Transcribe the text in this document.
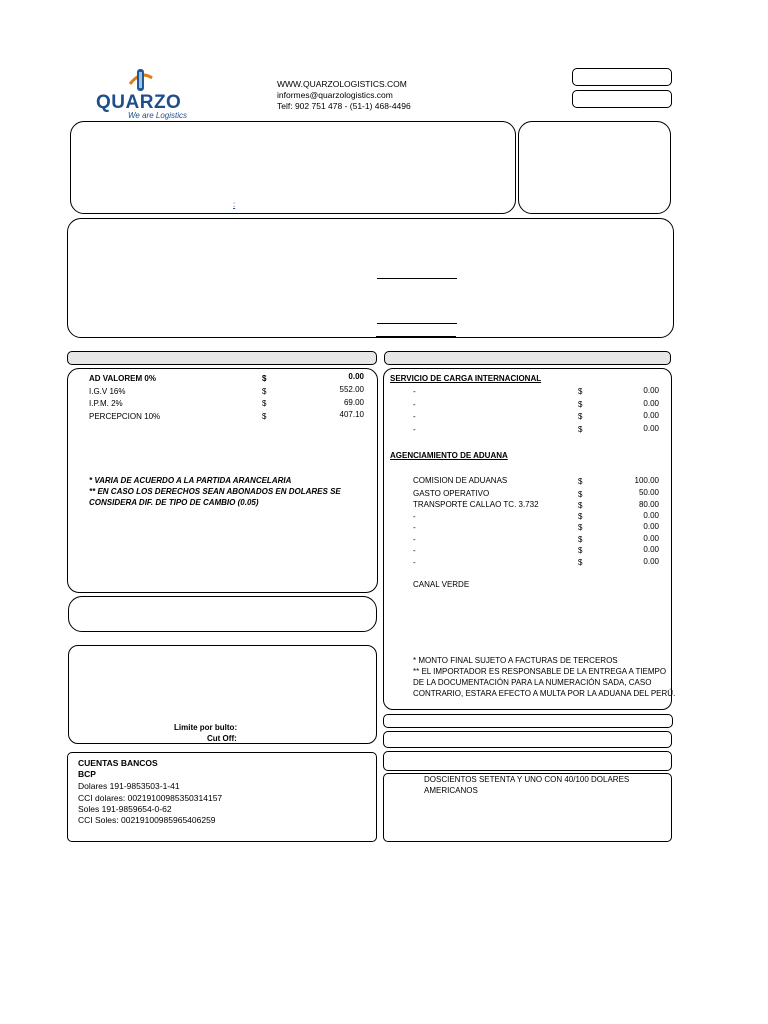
QUARZO
We are Logistics
WWW.QUARZOLOGISTICS.COM
informes@quarzologistics.com
Telf: 902 751 478 - (51-1) 468-4496
:
AD VALOREM 0%	$	0.00
I.G.V 16%	$	552.00
I.P.M. 2%	$	69.00
PERCEPCION 10%	$	407.10
* VARIA DE ACUERDO A LA PARTIDA ARANCELARIA
** EN CASO LOS DERECHOS SEAN ABONADOS EN DOLARES SE
CONSIDERA DIF. DE TIPO DE CAMBIO (0.05)
Limite por bulto:
Cut Off:
CUENTAS BANCOS
BCP
Dolares 191-9853503-1-41
CCI dolares: 00219100985350314157
Soles 191-9859654-0-62
CCI Soles: 00219100985965406259
SERVICIO DE CARGA INTERNACIONAL
-	$	0.00
-	$	0.00
-	$	0.00
-	$	0.00
AGENCIAMIENTO DE ADUANA
COMISION DE ADUANAS	$	100.00
GASTO OPERATIVO	$	50.00
TRANSPORTE CALLAO TC. 3.732	$	80.00
-	$	0.00
-	$	0.00
-	$	0.00
-	$	0.00
-	$	0.00
CANAL VERDE
* MONTO FINAL SUJETO A FACTURAS DE TERCEROS
** EL IMPORTADOR ES RESPONSABLE DE LA ENTREGA A TIEMPO
DE LA DOCUMENTACIÓN PARA LA NUMERACIÓN SADA, CASO
CONTRARIO, ESTARA EFECTO A MULTA POR LA ADUANA DEL PERÚ.
DOSCIENTOS SETENTA Y UNO CON 40/100 DOLARES
AMERICANOS
